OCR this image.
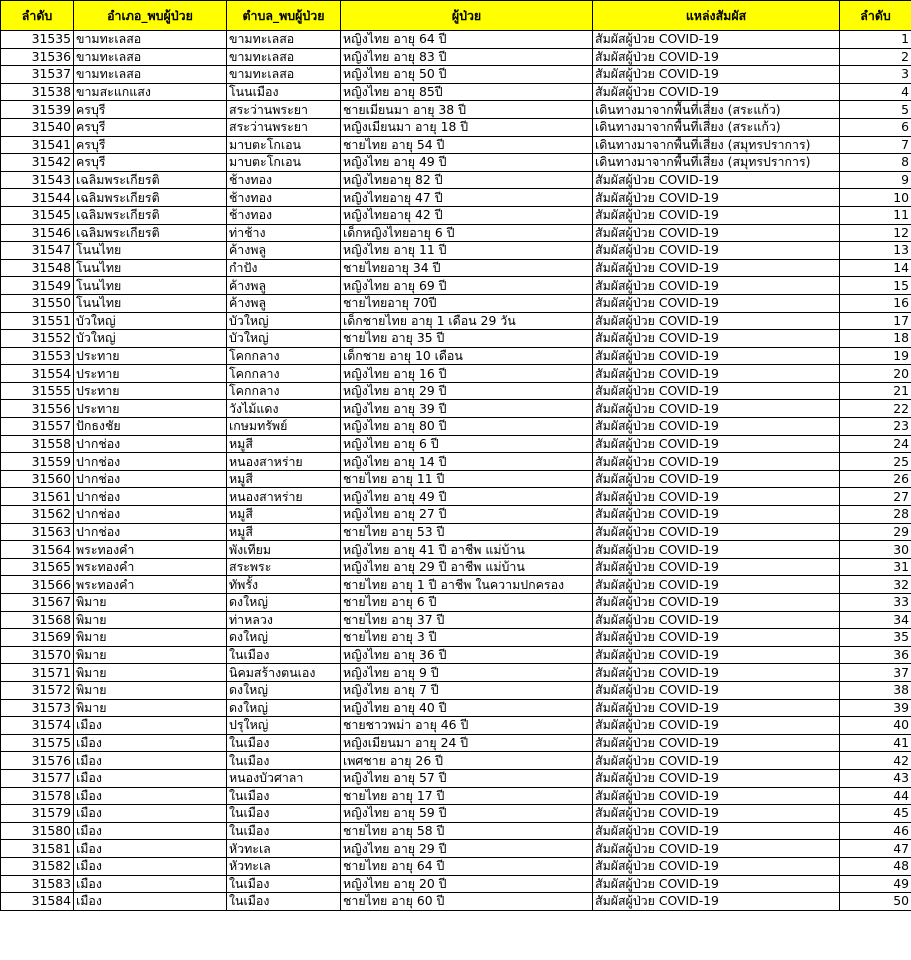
ลำดับ	อำเภอ_พบผู้ป่วย	ตำบล_พบผู้ป่วย	ผู้ป่วย	แหล่งสัมผัส	ลำดับ
31535	ขามทะเลสอ	ขามทะเลสอ	หญิงไทย อายุ 64 ปี	สัมผัสผู้ป่วย COVID-19	1
31536	ขามทะเลสอ	ขามทะเลสอ	หญิงไทย อายุ 83 ปี	สัมผัสผู้ป่วย COVID-19	2
31537	ขามทะเลสอ	ขามทะเลสอ	หญิงไทย อายุ 50 ปี	สัมผัสผู้ป่วย COVID-19	3
31538	ขามสะแกแสง	โนนเมือง	หญิงไทย อายุ 85ปี	สัมผัสผู้ป่วย COVID-19	4
31539	ครบุรี	สระว่านพระยา	ชายเมียนมา อายุ 38 ปี	เดินทางมาจากพื้นที่เสี่ยง (สระแก้ว)	5
31540	ครบุรี	สระว่านพระยา	หญิงเมียนมา อายุ 18 ปี	เดินทางมาจากพื้นที่เสี่ยง (สระแก้ว)	6
31541	ครบุรี	มาบตะโกเอน	ชายไทย อายุ 54 ปี	เดินทางมาจากพื้นที่เสี่ยง (สมุทรปราการ)	7
31542	ครบุรี	มาบตะโกเอน	หญิงไทย อายุ 49 ปี	เดินทางมาจากพื้นที่เสี่ยง (สมุทรปราการ)	8
31543	เฉลิมพระเกียรติ	ช้างทอง	หญิงไทยอายุ 82 ปี	สัมผัสผู้ป่วย COVID-19	9
31544	เฉลิมพระเกียรติ	ช้างทอง	หญิงไทยอายุ 47 ปี	สัมผัสผู้ป่วย COVID-19	10
31545	เฉลิมพระเกียรติ	ช้างทอง	หญิงไทยอายุ 42 ปี	สัมผัสผู้ป่วย COVID-19	11
31546	เฉลิมพระเกียรติ	ท่าช้าง	เด็กหญิงไทยอายุ 6 ปี	สัมผัสผู้ป่วย COVID-19	12
31547	โนนไทย	ค้างพลู	หญิงไทย อายุ 11 ปี	สัมผัสผู้ป่วย COVID-19	13
31548	โนนไทย	กำปัง	ชายไทยอายุ 34 ปี	สัมผัสผู้ป่วย COVID-19	14
31549	โนนไทย	ค้างพลู	หญิงไทย อายุ 69 ปี	สัมผัสผู้ป่วย COVID-19	15
31550	โนนไทย	ค้างพลู	ชายไทยอายุ 70ปี	สัมผัสผู้ป่วย COVID-19	16
31551	บัวใหญ่	บัวใหญ่	เด็กชายไทย อายุ 1 เดือน 29 วัน	สัมผัสผู้ป่วย COVID-19	17
31552	บัวใหญ่	บัวใหญ่	ชายไทย อายุ 35 ปี	สัมผัสผู้ป่วย COVID-19	18
31553	ประทาย	โคกกลาง	เด็กชาย อายุ 10 เดือน	สัมผัสผู้ป่วย COVID-19	19
31554	ประทาย	โคกกลาง	หญิงไทย อายุ 16 ปี	สัมผัสผู้ป่วย COVID-19	20
31555	ประทาย	โคกกลาง	หญิงไทย อายุ 29 ปี	สัมผัสผู้ป่วย COVID-19	21
31556	ประทาย	วังไม้แดง	หญิงไทย อายุ 39 ปี	สัมผัสผู้ป่วย COVID-19	22
31557	ปักธงชัย	เกษมทรัพย์	หญิงไทย อายุ 80 ปี	สัมผัสผู้ป่วย COVID-19	23
31558	ปากช่อง	หมูสี	หญิงไทย อายุ 6 ปี	สัมผัสผู้ป่วย COVID-19	24
31559	ปากช่อง	หนองสาหร่าย	หญิงไทย อายุ 14 ปี	สัมผัสผู้ป่วย COVID-19	25
31560	ปากช่อง	หมูสี	ชายไทย อายุ 11 ปี	สัมผัสผู้ป่วย COVID-19	26
31561	ปากช่อง	หนองสาหร่าย	หญิงไทย อายุ 49 ปี	สัมผัสผู้ป่วย COVID-19	27
31562	ปากช่อง	หมูสี	หญิงไทย อายุ 27 ปี	สัมผัสผู้ป่วย COVID-19	28
31563	ปากช่อง	หมูสี	ชายไทย อายุ 53 ปี	สัมผัสผู้ป่วย COVID-19	29
31564	พระทองคำ	พังเทียม	หญิงไทย อายุ 41 ปี อาชีพ แม่บ้าน	สัมผัสผู้ป่วย COVID-19	30
31565	พระทองคำ	สระพระ	หญิงไทย อายุ 29 ปี อาชีพ แม่บ้าน	สัมผัสผู้ป่วย COVID-19	31
31566	พระทองคำ	ทัพรั้ง	ชายไทย อายุ 1 ปี อาชีพ ในความปกครอง	สัมผัสผู้ป่วย COVID-19	32
31567	พิมาย	ดงใหญ่	ชายไทย อายุ 6 ปี	สัมผัสผู้ป่วย COVID-19	33
31568	พิมาย	ท่าหลวง	ชายไทย อายุ 37 ปี	สัมผัสผู้ป่วย COVID-19	34
31569	พิมาย	ดงใหญ่	ชายไทย อายุ 3 ปี	สัมผัสผู้ป่วย COVID-19	35
31570	พิมาย	ในเมือง	หญิงไทย อายุ 36 ปี	สัมผัสผู้ป่วย COVID-19	36
31571	พิมาย	นิคมสร้างตนเอง	หญิงไทย อายุ 9 ปี	สัมผัสผู้ป่วย COVID-19	37
31572	พิมาย	ดงใหญ่	หญิงไทย อายุ 7 ปี	สัมผัสผู้ป่วย COVID-19	38
31573	พิมาย	ดงใหญ่	หญิงไทย อายุ 40 ปี	สัมผัสผู้ป่วย COVID-19	39
31574	เมือง	ปรุใหญ่	ชายชาวพม่า อายุ 46 ปี	สัมผัสผู้ป่วย COVID-19	40
31575	เมือง	ในเมือง	หญิงเมียนมา อายุ 24 ปี	สัมผัสผู้ป่วย COVID-19	41
31576	เมือง	ในเมือง	เพศชาย อายุ 26 ปี	สัมผัสผู้ป่วย COVID-19	42
31577	เมือง	หนองบัวศาลา	หญิงไทย อายุ 57 ปี	สัมผัสผู้ป่วย COVID-19	43
31578	เมือง	ในเมือง	ชายไทย อายุ 17 ปี	สัมผัสผู้ป่วย COVID-19	44
31579	เมือง	ในเมือง	หญิงไทย อายุ 59 ปี	สัมผัสผู้ป่วย COVID-19	45
31580	เมือง	ในเมือง	ชายไทย อายุ 58 ปี	สัมผัสผู้ป่วย COVID-19	46
31581	เมือง	หัวทะเล	หญิงไทย อายุ 29 ปี	สัมผัสผู้ป่วย COVID-19	47
31582	เมือง	หัวทะเล	ชายไทย อายุ 64 ปี	สัมผัสผู้ป่วย COVID-19	48
31583	เมือง	ในเมือง	หญิงไทย อายุ 20 ปี	สัมผัสผู้ป่วย COVID-19	49
31584	เมือง	ในเมือง	ชายไทย อายุ 60 ปี	สัมผัสผู้ป่วย COVID-19	50
